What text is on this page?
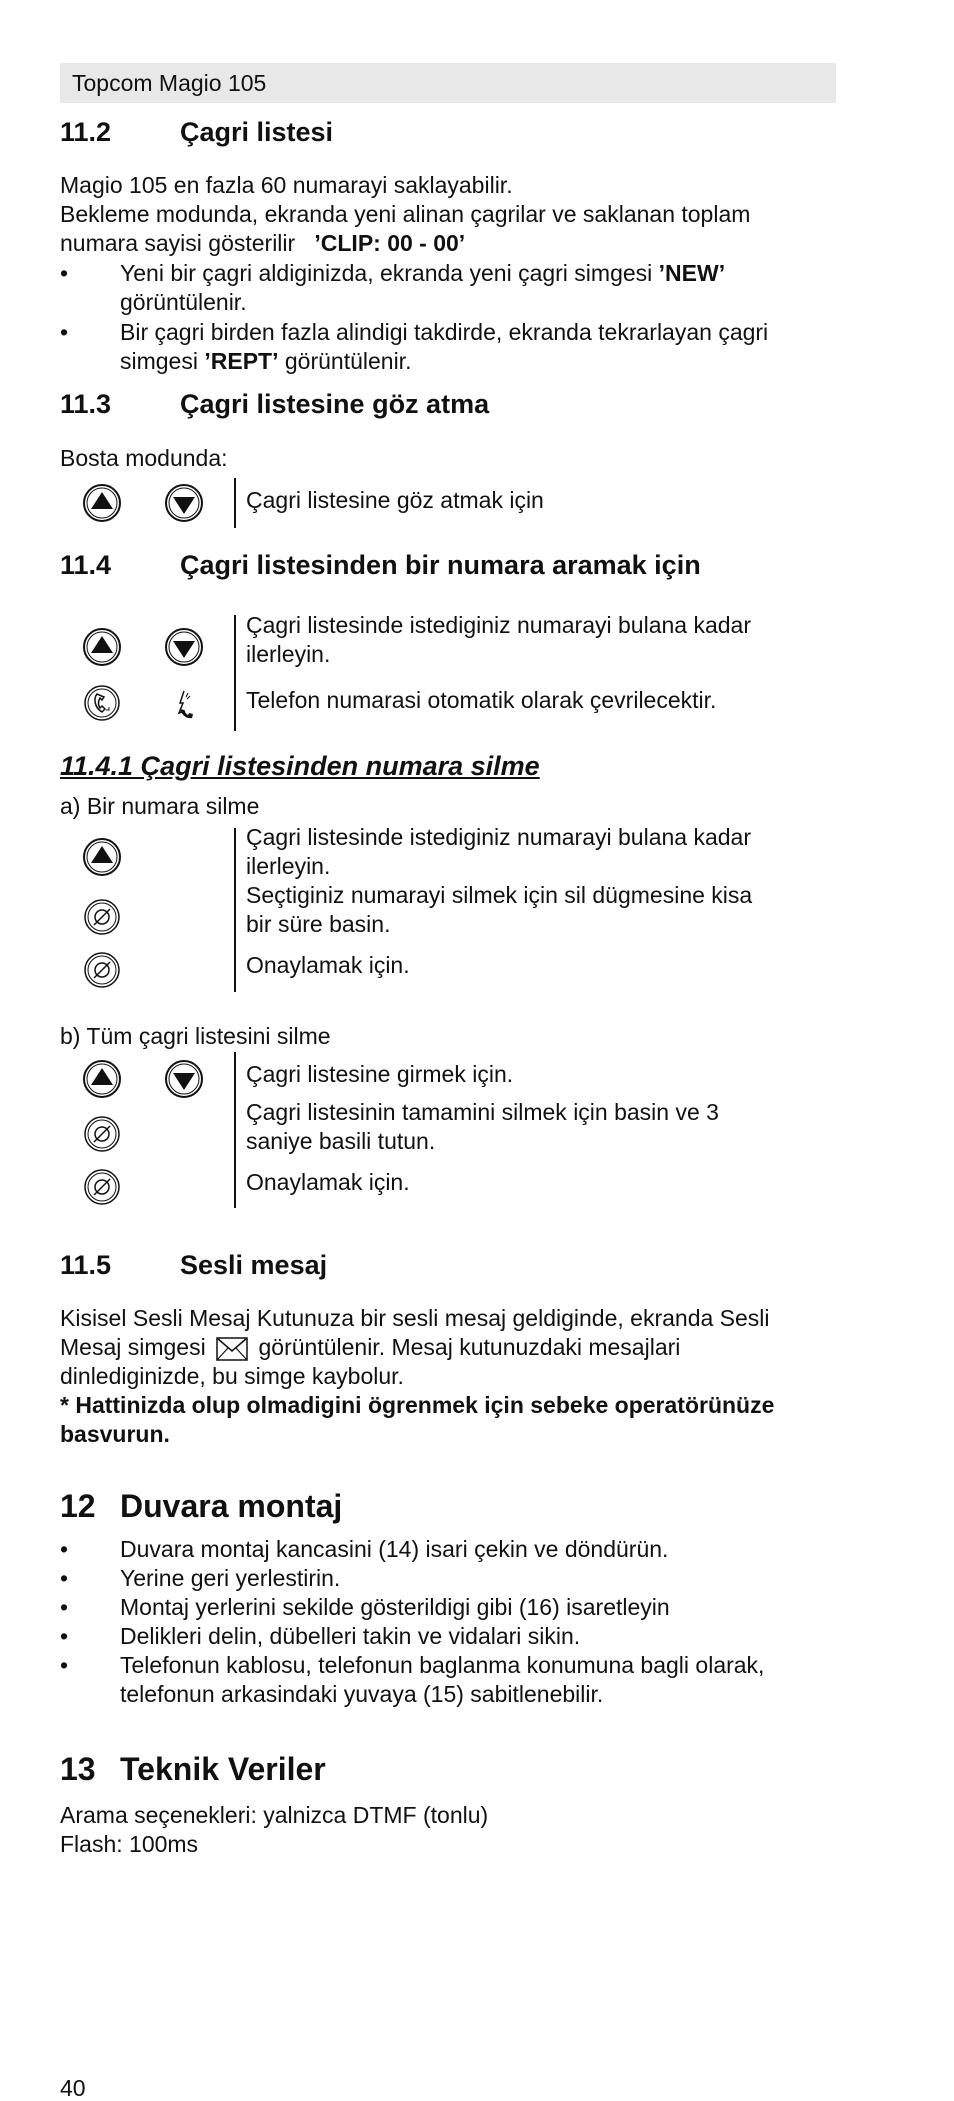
Topcom Magio 105
11.2	Çagri listesi
Magio 105 en fazla 60 numarayi saklayabilir.
Bekleme modunda, ekranda yeni alinan çagrilar ve saklanan toplam
numara sayisi gösterilir ’CLIP: 00 - 00’
• Yeni bir çagri aldiginizda, ekranda yeni çagri simgesi ’NEW’
görüntülenir.
• Bir çagri birden fazla alindigi takdirde, ekranda tekrarlayan çagri
simgesi ’REPT’ görüntülenir.
11.3	Çagri listesine göz atma
Bosta modunda:
Çagri listesine göz atmak için
11.4	Çagri listesinden bir numara aramak için
Çagri listesinde istediginiz numarayi bulana kadar
ilerleyin.
Telefon numarasi otomatik olarak çevrilecektir.
11.4.1 Çagri listesinden numara silme
a) Bir numara silme
Çagri listesinde istediginiz numarayi bulana kadar
ilerleyin.
Seçtiginiz numarayi silmek için sil dügmesine kisa
bir süre basin.
Onaylamak için.
b) Tüm çagri listesini silme
Çagri listesine girmek için.
Çagri listesinin tamamini silmek için basin ve 3
saniye basili tutun.
Onaylamak için.
11.5	Sesli mesaj
Kisisel Sesli Mesaj Kutunuza bir sesli mesaj geldiginde, ekranda Sesli
Mesaj simgesi görüntülenir. Mesaj kutunuzdaki mesajlari
dinlediginizde, bu simge kaybolur.
* Hattinizda olup olmadigini ögrenmek için sebeke operatörünüze
basvurun.
12 Duvara montaj
• Duvara montaj kancasini (14) isari çekin ve döndürün.
• Yerine geri yerlestirin.
• Montaj yerlerini sekilde gösterildigi gibi (16) isaretleyin
• Delikleri delin, dübelleri takin ve vidalari sikin.
• Telefonun kablosu, telefonun baglanma konumuna bagli olarak,
telefonun arkasindaki yuvaya (15) sabitlenebilir.
13 Teknik Veriler
Arama seçenekleri: yalnizca DTMF (tonlu)
Flash: 100ms
40
